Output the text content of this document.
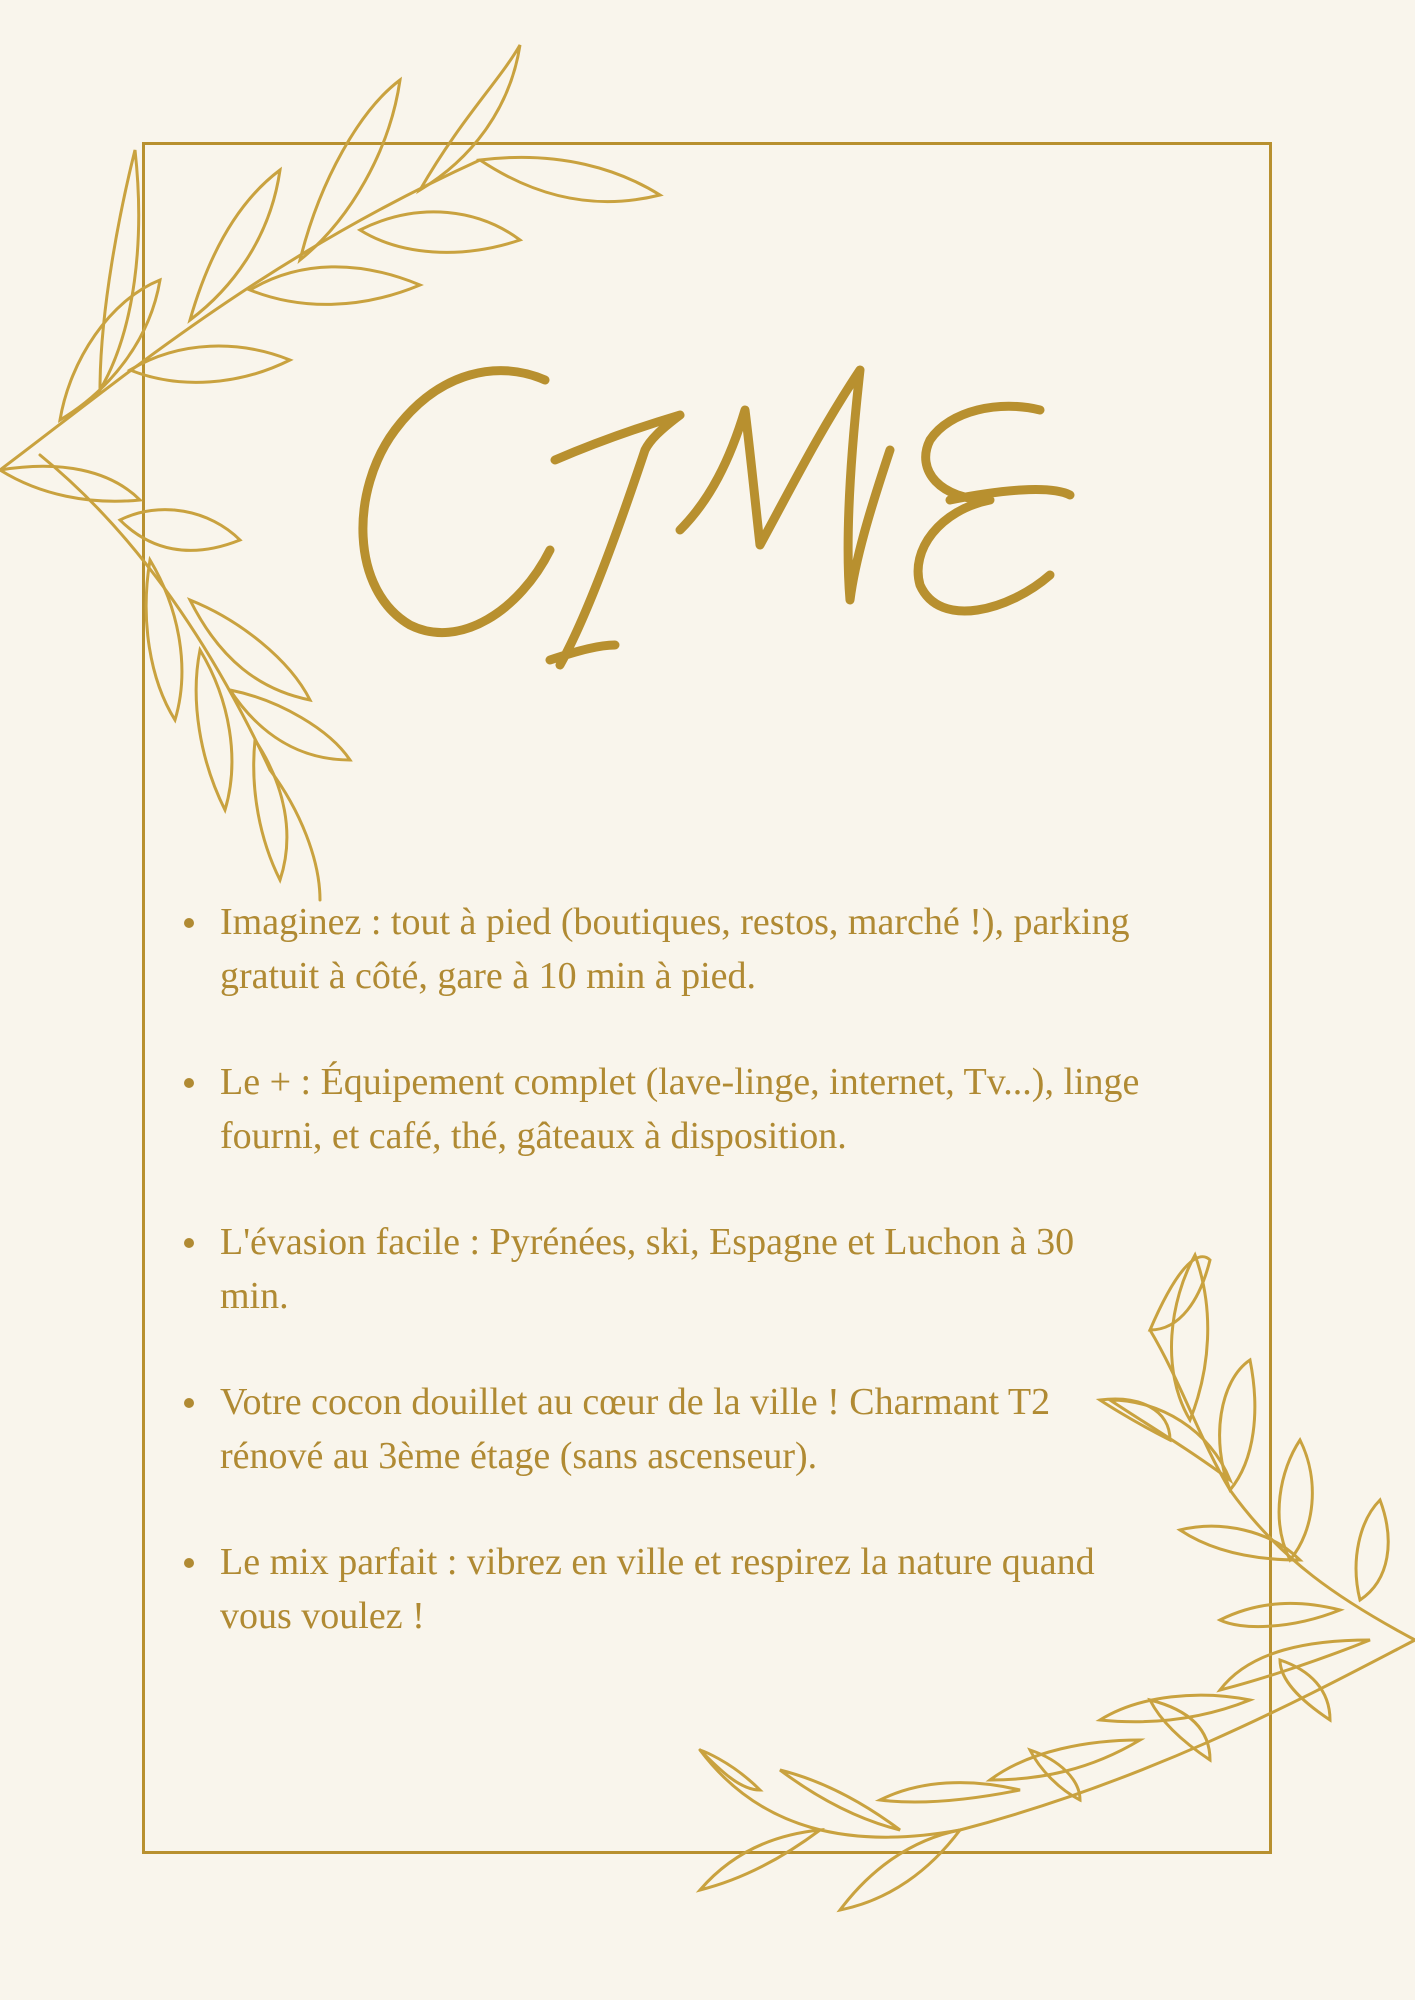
Imaginez : tout à pied (boutiques, restos, marché !), parking gratuit à côté, gare à 10 min à pied.
Le + : Équipement complet (lave-linge, internet, Tv...), linge fourni, et café, thé, gâteaux à disposition.
L'évasion facile : Pyrénées, ski, Espagne et Luchon à 30 min.
Votre cocon douillet au cœur de la ville ! Charmant T2 rénové au 3ème étage (sans ascenseur).
Le mix parfait : vibrez en ville et respirez la nature quand vous voulez !
